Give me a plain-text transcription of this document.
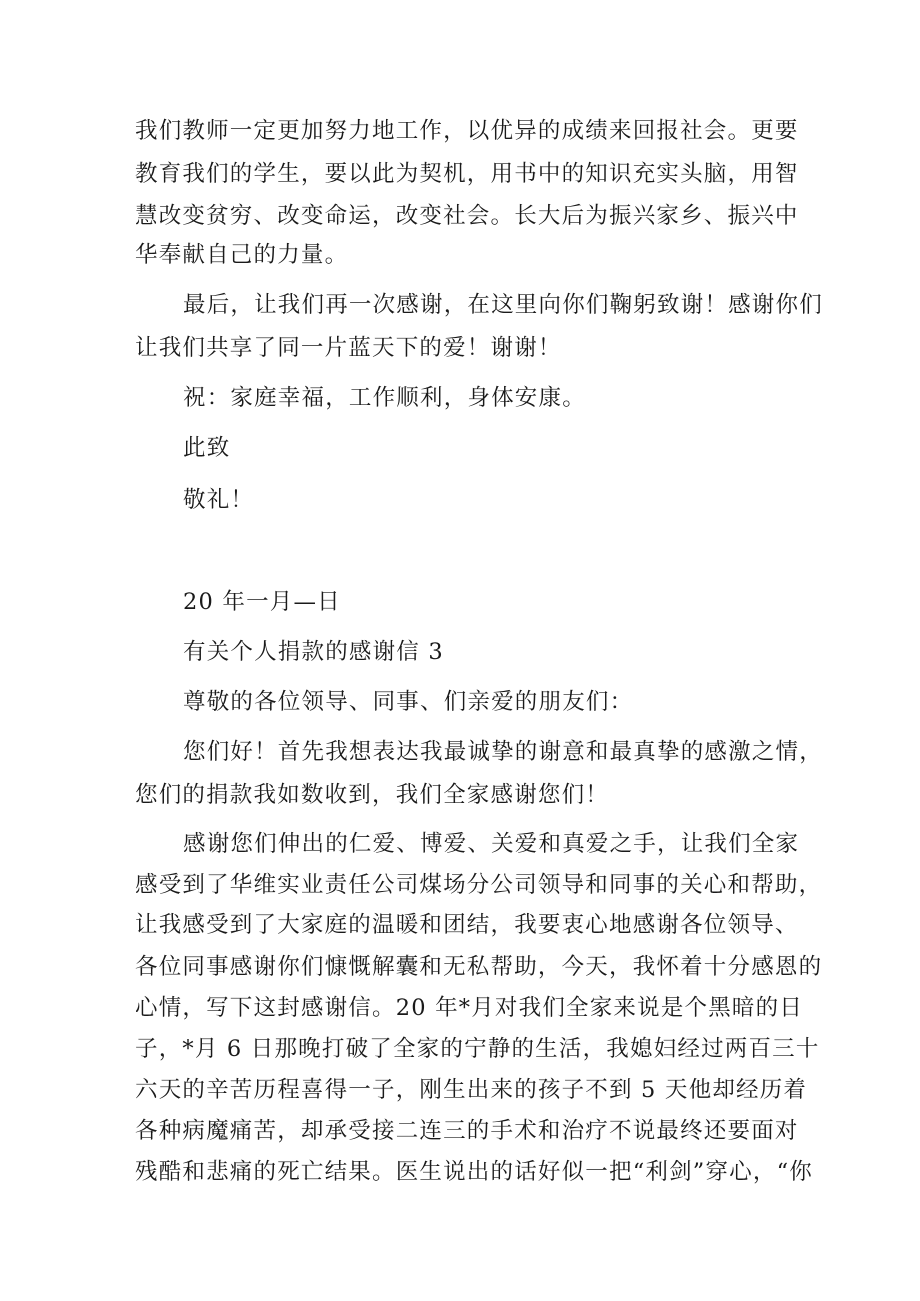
我们教师一定更加努力地工作，以优异的成绩来回报社会。更要
教育我们的学生，要以此为契机，用书中的知识充实头脑，用智
慧改变贫穷、改变命运，改变社会。长大后为振兴家乡、振兴中
华奉献自己的力量。
最后，让我们再一次感谢，在这里向你们鞠躬致谢！感谢你们
让我们共享了同一片蓝天下的爱！谢谢！
祝：家庭幸福，工作顺利，身体安康。
此致
敬礼！
20 年一月—日
有关个人捐款的感谢信 3
尊敬的各位领导、同事、们亲爱的朋友们：
您们好！首先我想表达我最诚挚的谢意和最真挚的感激之情，
您们的捐款我如数收到，我们全家感谢您们！
感谢您们伸出的仁爱、博爱、关爱和真爱之手，让我们全家
感受到了华维实业责任公司煤场分公司领导和同事的关心和帮助，
让我感受到了大家庭的温暖和团结，我要衷心地感谢各位领导、
各位同事感谢你们慷慨解囊和无私帮助，今天，我怀着十分感恩的
心情，写下这封感谢信。20 年*月对我们全家来说是个黑暗的日
子，*月 6 日那晚打破了全家的宁静的生活，我媳妇经过两百三十
六天的辛苦历程喜得一子，刚生出来的孩子不到 5 天他却经历着
各种病魔痛苦，却承受接二连三的手术和治疗不说最终还要面对
残酷和悲痛的死亡结果。医生说出的话好似一把“利剑”穿心，“你
